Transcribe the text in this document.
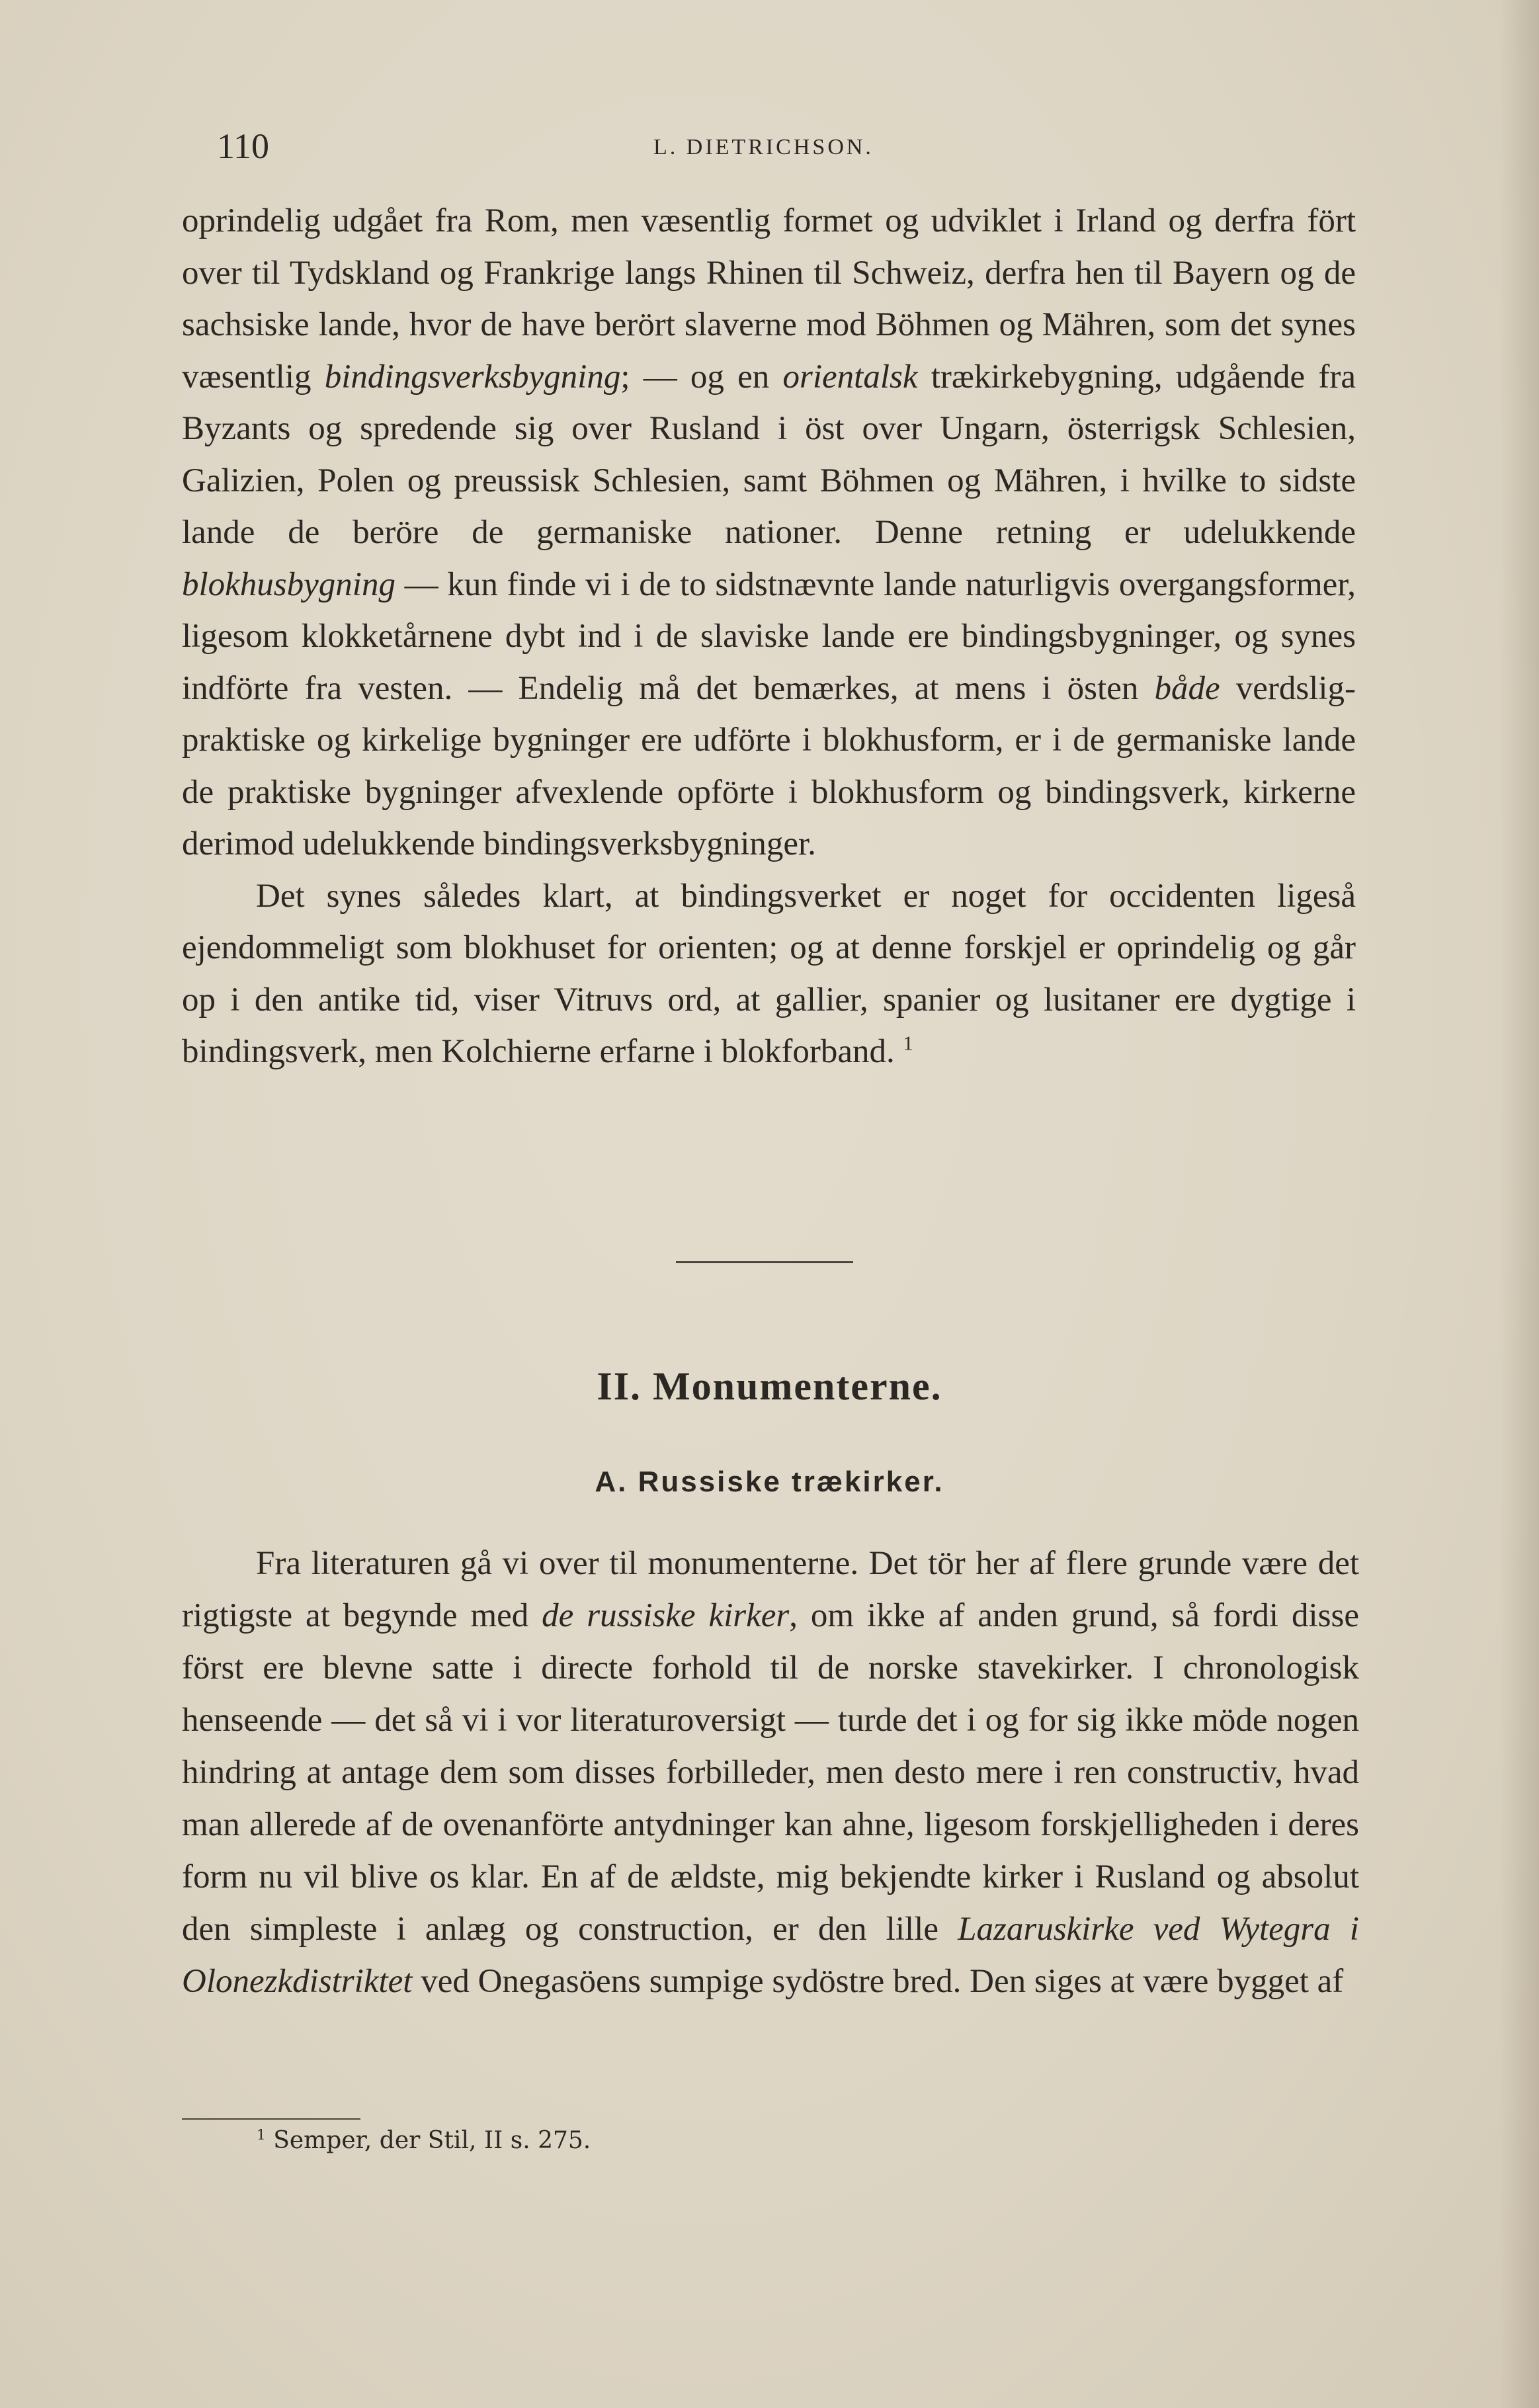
110	L. DIETRICHSON.

oprindelig udgået fra Rom, men væsentlig formet og udviklet i Irland og derfra fört over til Tydskland og Frankrige langs Rhinen til Schweiz, derfra hen til Bayern og de sachsiske lande, hvor de have berört slaverne mod Böhmen og Mähren, som det synes væsentlig bindingsverksbygning; — og en orientalsk trækirkebygning, udgående fra Byzants og spredende sig over Rusland i öst over Ungarn, österrigsk Schlesien, Galizien, Polen og preussisk Schlesien, samt Böhmen og Mähren, i hvilke to sidste lande de beröre de germaniske nationer. Denne retning er udelukkende blokhusbygning — kun finde vi i de to sidstnævnte lande naturligvis overgangsformer, ligesom klokketårnene dybt ind i de slaviske lande ere bindingsbygninger, og synes indförte fra vesten. — Endelig må det bemærkes, at mens i östen både verdslig-praktiske og kirkelige bygninger ere udförte i blokhusform, er i de germaniske lande de praktiske bygninger afvexlende opförte i blokhusform og bindingsverk, kirkerne derimod udelukkende bindingsverksbygninger.

Det synes således klart, at bindingsverket er noget for occidenten ligeså ejendommeligt som blokhuset for orienten; og at denne forskjel er oprindelig og går op i den antike tid, viser Vitruvs ord, at gallier, spanier og lusitaner ere dygtige i bindingsverk, men Kolchierne erfarne i blokforband. $^1$

II. Monumenterne.
A. Russiske trækirker.

Fra literaturen gå vi over til monumenterne. Det tör her af flere grunde være det rigtigste at begynde med de russiske kirker, om ikke af anden grund, så fordi disse först ere blevne satte i directe forhold til de norske stavekirker. I chronologisk henseende — det så vi i vor literaturoversigt — turde det i og for sig ikke möde nogen hindring at antage dem som disses forbilleder, men desto mere i ren constructiv, hvad man allerede af de ovenanförte antydninger kan ahne, ligesom forskjelligheden i deres form nu vil blive os klar. En af de ældste, mig bekjendte kirker i Rusland og absolut den simpleste i anlæg og construction, er den lille Lazaruskirke ved Wytegra i Olonezkdistriktet ved Onegasöens sumpige sydöstre bred. Den siges at være bygget af

$^1$ Semper, der Stil, II s. 275.
